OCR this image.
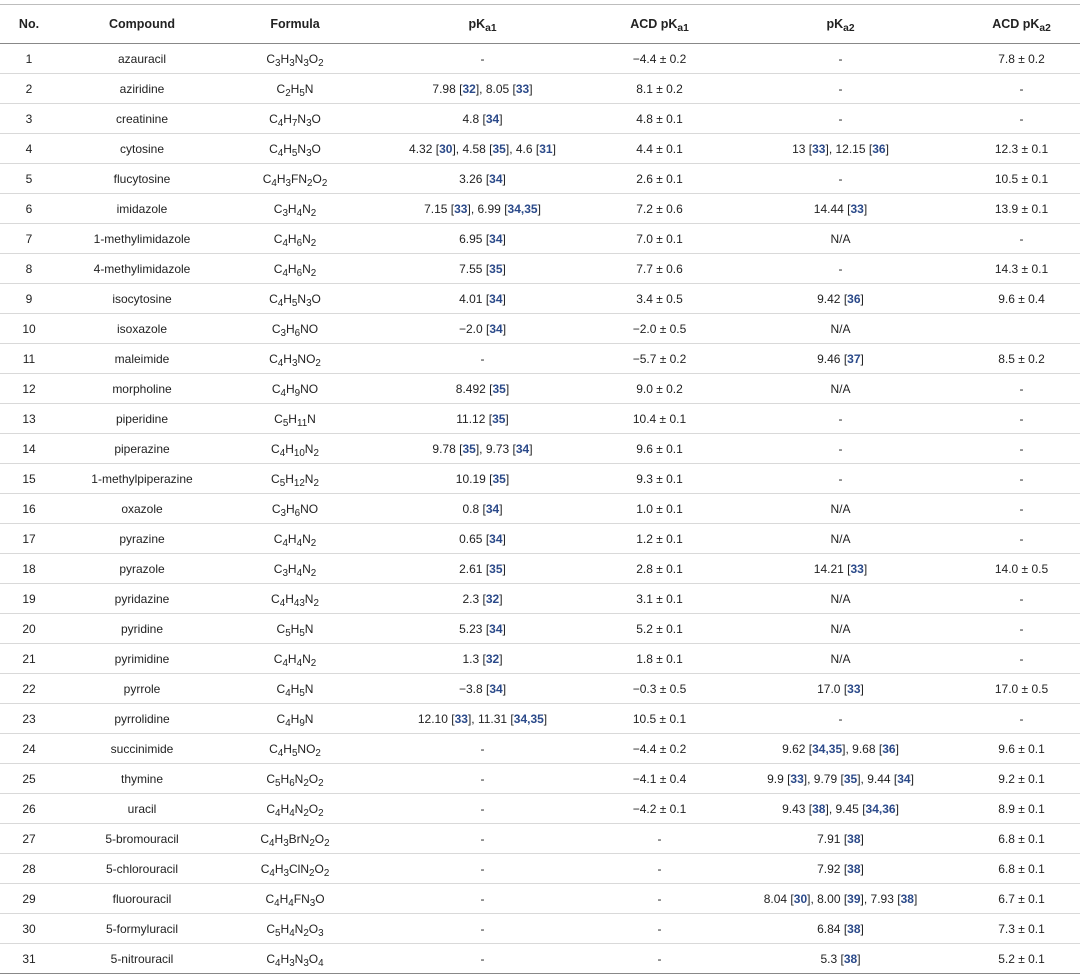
No.	Compound	Formula	$pK_{a1}$	ACD $pK_{a1}$	$pK_{a2}$	ACD $pK_{a2}$
1	azauracil	$C_3H_3N_3O_2$	-	−4.4 ± 0.2	-	7.8 ± 0.2
2	aziridine	$C_2H_5N$	7.98 [32], 8.05 [33]	8.1 ± 0.2	-	-
3	creatinine	$C_4H_7N_3O$	4.8 [34]	4.8 ± 0.1	-	-
4	cytosine	$C_4H_5N_3O$	4.32 [30], 4.58 [35], 4.6 [31]	4.4 ± 0.1	13 [33], 12.15 [36]	12.3 ± 0.1
5	flucytosine	$C_4H_3FN_2O_2$	3.26 [34]	2.6 ± 0.1	-	10.5 ± 0.1
6	imidazole	$C_3H_4N_2$	7.15 [33], 6.99 [34,35]	7.2 ± 0.6	14.44 [33]	13.9 ± 0.1
7	1-methylimidazole	$C_4H_6N_2$	6.95 [34]	7.0 ± 0.1	N/A	-
8	4-methylimidazole	$C_4H_6N_2$	7.55 [35]	7.7 ± 0.6	-	14.3 ± 0.1
9	isocytosine	$C_4H_5N_3O$	4.01 [34]	3.4 ± 0.5	9.42 [36]	9.6 ± 0.4
10	isoxazole	$C_3H_6NO$	−2.0 [34]	−2.0 ± 0.5	N/A	
11	maleimide	$C_4H_3NO_2$	-	−5.7 ± 0.2	9.46 [37]	8.5 ± 0.2
12	morpholine	$C_4H_9NO$	8.492 [35]	9.0 ± 0.2	N/A	-
13	piperidine	$C_5H_{11}N$	11.12 [35]	10.4 ± 0.1	-	-
14	piperazine	$C_4H_{10}N_2$	9.78 [35], 9.73 [34]	9.6 ± 0.1	-	-
15	1-methylpiperazine	$C_5H_{12}N_2$	10.19 [35]	9.3 ± 0.1	-	-
16	oxazole	$C_3H_6NO$	0.8 [34]	1.0 ± 0.1	N/A	-
17	pyrazine	$C_4H_4N_2$	0.65 [34]	1.2 ± 0.1	N/A	-
18	pyrazole	$C_3H_4N_2$	2.61 [35]	2.8 ± 0.1	14.21 [33]	14.0 ± 0.5
19	pyridazine	$C_4H_{43}N_2$	2.3 [32]	3.1 ± 0.1	N/A	-
20	pyridine	$C_5H_5N$	5.23 [34]	5.2 ± 0.1	N/A	-
21	pyrimidine	$C_4H_4N_2$	1.3 [32]	1.8 ± 0.1	N/A	-
22	pyrrole	$C_4H_5N$	−3.8 [34]	−0.3 ± 0.5	17.0 [33]	17.0 ± 0.5
23	pyrrolidine	$C_4H_9N$	12.10 [33], 11.31 [34,35]	10.5 ± 0.1	-	-
24	succinimide	$C_4H_5NO_2$	-	−4.4 ± 0.2	9.62 [34,35], 9.68 [36]	9.6 ± 0.1
25	thymine	$C_5H_6N_2O_2$	-	−4.1 ± 0.4	9.9 [33], 9.79 [35], 9.44 [34]	9.2 ± 0.1
26	uracil	$C_4H_4N_2O_2$	-	−4.2 ± 0.1	9.43 [38], 9.45 [34,36]	8.9 ± 0.1
27	5-bromouracil	$C_4H_3BrN_2O_2$	-	-	7.91 [38]	6.8 ± 0.1
28	5-chlorouracil	$C_4H_3ClN_2O_2$	-	-	7.92 [38]	6.8 ± 0.1
29	fluorouracil	$C_4H_4FN_3O$	-	-	8.04 [30], 8.00 [39], 7.93 [38]	6.7 ± 0.1
30	5-formyluracil	$C_5H_4N_2O_3$	-	-	6.84 [38]	7.3 ± 0.1
31	5-nitrouracil	$C_4H_3N_3O_4$	-	-	5.3 [38]	5.2 ± 0.1
